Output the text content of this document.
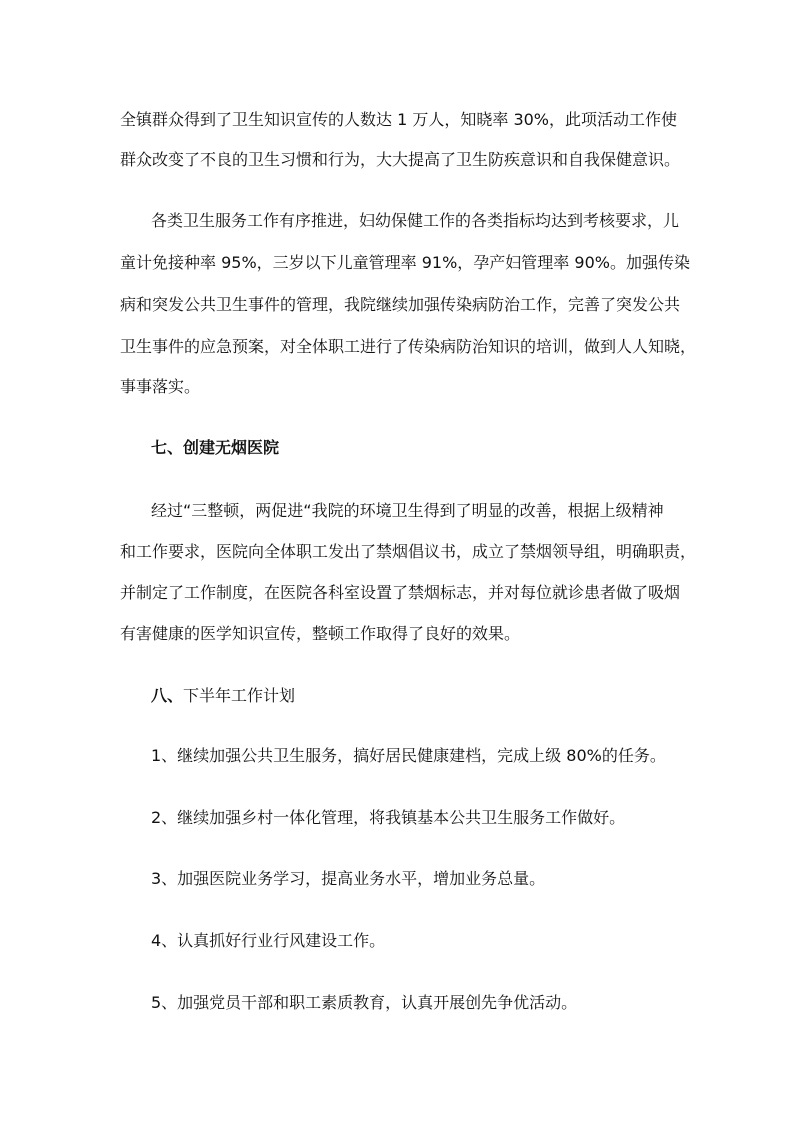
全镇群众得到了卫生知识宣传的人数达 1 万人，知晓率 30%，此项活动工作使
群众改变了不良的卫生习惯和行为，大大提高了卫生防疾意识和自我保健意识。
各类卫生服务工作有序推进，妇幼保健工作的各类指标均达到考核要求，儿
童计免接种率 95%，三岁以下儿童管理率 91%，孕产妇管理率 90%。加强传染
病和突发公共卫生事件的管理，我院继续加强传染病防治工作，完善了突发公共
卫生事件的应急预案，对全体职工进行了传染病防治知识的培训，做到人人知晓，
事事落实。
七、创建无烟医院
经过“三整顿，两促进“我院的环境卫生得到了明显的改善，根据上级精神
和工作要求，医院向全体职工发出了禁烟倡议书，成立了禁烟领导组，明确职责，
并制定了工作制度，在医院各科室设置了禁烟标志，并对每位就诊患者做了吸烟
有害健康的医学知识宣传，整顿工作取得了良好的效果。
八、下半年工作计划
1、继续加强公共卫生服务，搞好居民健康建档，完成上级 80%的任务。
2、继续加强乡村一体化管理，将我镇基本公共卫生服务工作做好。
3、加强医院业务学习，提高业务水平，增加业务总量。
4、认真抓好行业行风建设工作。
5、加强党员干部和职工素质教育，认真开展创先争优活动。
